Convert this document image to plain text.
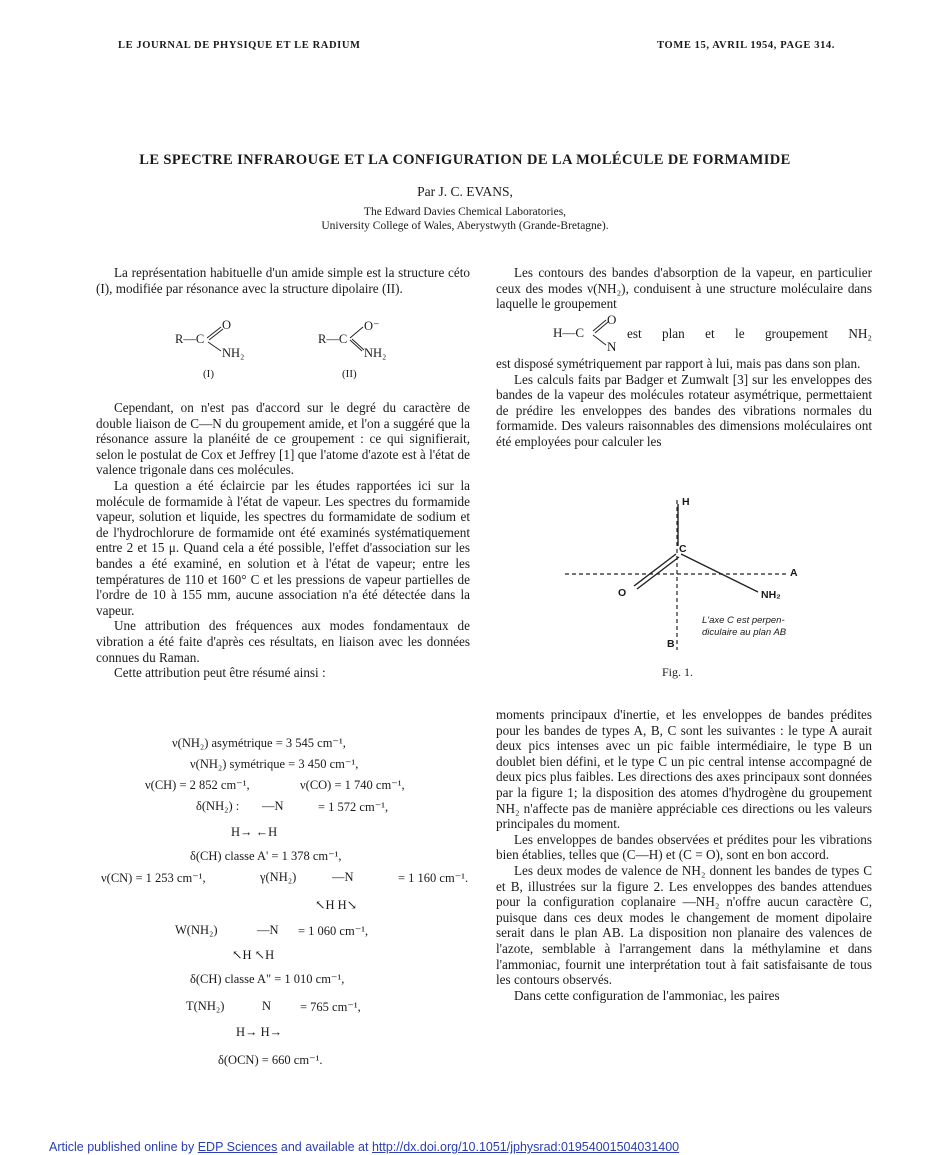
LE JOURNAL DE PHYSIQUE ET LE RADIUM	TOME 15, AVRIL 1954, PAGE 314.
LE SPECTRE INFRAROUGE ET LA CONFIGURATION DE LA MOLÉCULE DE FORMAMIDE
Par J. C. EVANS,
The Edward Davies Chemical Laboratories,
University College of Wales, Aberystwyth (Grande-Bretagne).

La représentation habituelle d'un amide simple est la structure céto (I), modifiée par résonance avec la structure dipolaire (II).

R—C
O
NH₂
(I)
R—C
O⁻
NH₂
(II)

Cependant, on n'est pas d'accord sur le degré du caractère de double liaison de C—N du groupement amide, et l'on a suggéré que la résonance assure la planéité de ce groupement : ce qui signifierait, selon le postulat de Cox et Jeffrey [1] que l'atome d'azote est à l'état de valence trigonale dans ces molécules.

La question a été éclaircie par les études rapportées ici sur la molécule de formamide à l'état de vapeur. Les spectres du formamide vapeur, solution et liquide, les spectres du formamidate de sodium et de l'hydrochlorure de formamide ont été examinés systématiquement entre 2 et 15 μ. Quand cela a été possible, l'effet d'association sur les bandes a été examiné, en solution et à l'état de vapeur; entre les températures de 110 et 160° C et les pressions de vapeur partielles de l'ordre de 10 à 155 mm, aucune association n'a été détectée dans la vapeur.

Une attribution des fréquences aux modes fondamentaux de vibration a été faite d'après ces résultats, en liaison avec les données connues du Raman.

Cette attribution peut être résumé ainsi :

ν(NH₂) asymétrique = 3 545 cm⁻¹,
ν(NH₂) symétrique = 3 450 cm⁻¹,
ν(CH) = 2 852 cm⁻¹,	ν(CO) = 1 740 cm⁻¹,
δ(NH₂) : —N	= 1 572 cm⁻¹,
H→ ←H
δ(CH) classe A' = 1 378 cm⁻¹,
ν(CN) = 1 253 cm⁻¹,	γ(NH₂)	—N	= 1 160 cm⁻¹.
↖H H↘
W(NH₂)	—N = 1 060 cm⁻¹,
↖H ↖H
δ(CH) classe A" = 1 010 cm⁻¹,
T(NH₂)	N = 765 cm⁻¹,
H→ H→
δ(OCN) = 660 cm⁻¹.

Les contours des bandes d'absorption de la vapeur, en particulier ceux des modes ν(NH₂), conduisent à une structure moléculaire dans laquelle le groupement

H—C
O
N
est plan et le groupement NH₂

est disposé symétriquement par rapport à lui, mais pas dans son plan.

Les calculs faits par Badger et Zumwalt [3] sur les enveloppes des bandes de la vapeur des molécules rotateur asymétrique, permettaient de prédire les enveloppes des bandes des vibrations normales du formamide. Des valeurs raisonnables des dimensions moléculaires ont été employées pour calculer les

H
C
O	NH₂
A
B
L'axe C est perpen-
diculaire au plan AB
Fig. 1.

moments principaux d'inertie, et les enveloppes de bandes prédites pour les bandes de types A, B, C sont les suivantes : le type A aurait deux pics intenses avec un pic faible intermédiaire, le type B un doublet bien défini, et le type C un pic central intense accompagné de deux pics plus faibles. Les directions des axes principaux sont données par la figure 1; la disposition des atomes d'hydrogène du groupement NH₂ n'affecte pas de manière appréciable ces directions ou les valeurs principales du moment.

Les enveloppes de bandes observées et prédites pour les vibrations bien établies, telles que (C—H) et (C = O), sont en bon accord.

Les deux modes de valence de NH₂ donnent les bandes de types C et B, illustrées sur la figure 2. Les enveloppes des bandes attendues pour la configuration coplanaire —NH₂ n'offre aucun caractère C, puisque dans ces deux modes le changement de moment dipolaire serait dans le plan AB. La disposition non planaire des valences de l'azote, semblable à l'arrangement dans la méthylamine et dans l'ammoniac, fournit une interprétation tout à fait satisfaisante de tous les contours observés.

Dans cette configuration de l'ammoniac, les paires

Article published online by EDP Sciences and available at http://dx.doi.org/10.1051/jphysrad:01954001504031400
